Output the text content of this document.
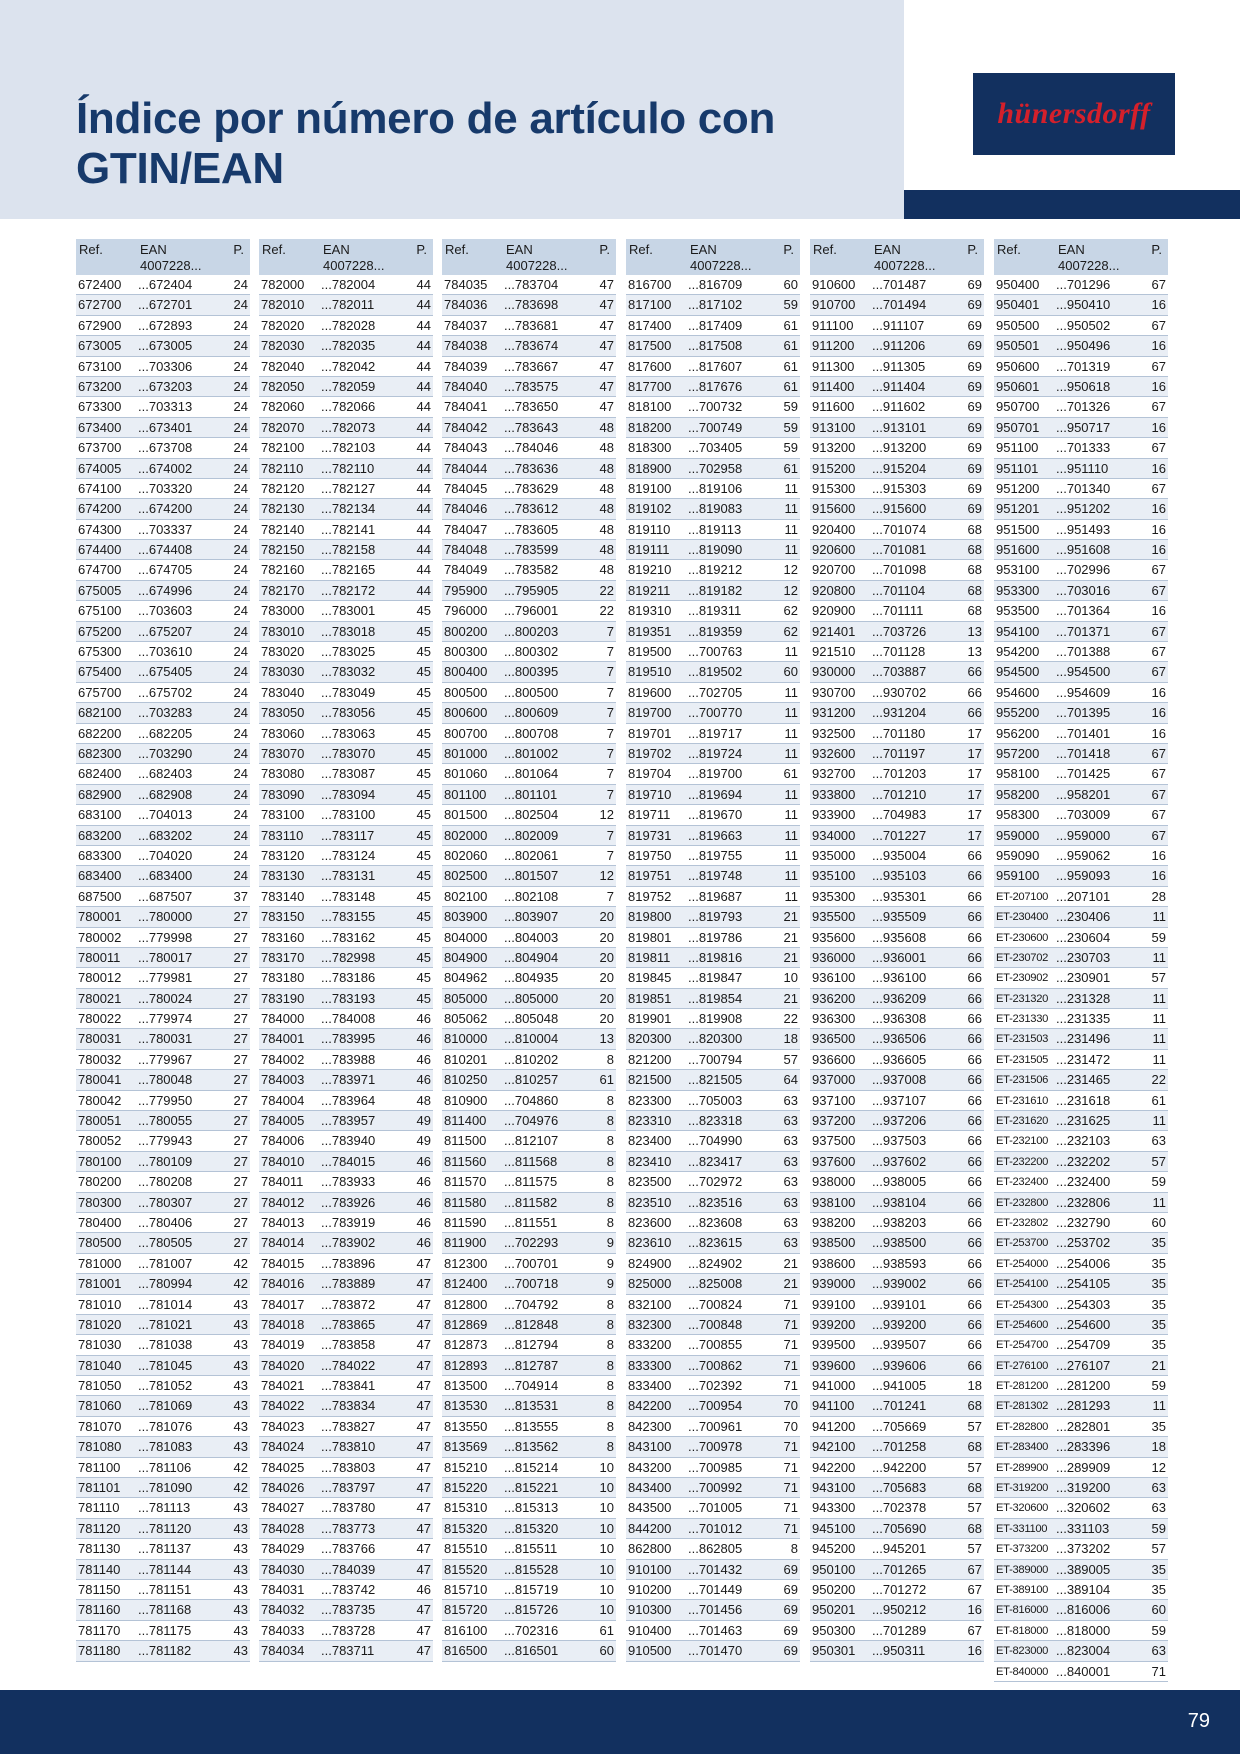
Índice por número de artículo con GTIN/EAN
hünersdorff
Ref.	EAN
4007228...
P.
672400 ...672404	24
672700 ...672701	24
672900 ...672893	24
673005 ...673005	24
673100 ...703306	24
673200 ...673203	24
673300 ...703313	24
673400 ...673401	24
673700 ...673708	24
674005 ...674002	24
674100 ...703320	24
674200 ...674200	24
674300 ...703337	24
674400 ...674408	24
674700 ...674705	24
675005 ...674996	24
675100 ...703603	24
675200 ...675207	24
675300 ...703610	24
675400 ...675405	24
675700 ...675702	24
682100 ...703283	24
682200 ...682205	24
682300 ...703290	24
682400 ...682403	24
682900 ...682908	24
683100 ...704013	24
683200 ...683202	24
683300 ...704020	24
683400 ...683400	24
687500 ...687507	37
780001 ...780000	27
780002 ...779998	27
780011 ...780017	27
780012 ...779981	27
780021 ...780024	27
780022 ...779974	27
780031 ...780031	27
780032 ...779967	27
780041 ...780048	27
780042 ...779950	27
780051 ...780055	27
780052 ...779943	27
780100 ...780109	27
780200 ...780208	27
780300 ...780307	27
780400 ...780406	27
780500 ...780505	27
781000 ...781007	42
781001 ...780994	42
781010 ...781014	43
781020 ...781021	43
781030 ...781038	43
781040 ...781045	43
781050 ...781052	43
781060 ...781069	43
781070 ...781076	43
781080 ...781083	43
781100 ...781106	42
781101 ...781090	42
781110 ...781113	43
781120 ...781120	43
781130 ...781137	43
781140 ...781144	43
781150 ...781151	43
781160 ...781168	43
781170 ...781175	43
781180 ...781182	43
Ref.	EAN
4007228...
P.
782000 ...782004	44
782010 ...782011	44
782020 ...782028	44
782030 ...782035	44
782040 ...782042	44
782050 ...782059	44
782060 ...782066	44
782070 ...782073	44
782100 ...782103	44
782110 ...782110	44
782120 ...782127	44
782130 ...782134	44
782140 ...782141	44
782150 ...782158	44
782160 ...782165	44
782170 ...782172	44
783000 ...783001	45
783010 ...783018	45
783020 ...783025	45
783030 ...783032	45
783040 ...783049	45
783050 ...783056	45
783060 ...783063	45
783070 ...783070	45
783080 ...783087	45
783090 ...783094	45
783100 ...783100	45
783110 ...783117	45
783120 ...783124	45
783130 ...783131	45
783140 ...783148	45
783150 ...783155	45
783160 ...783162	45
783170 ...782998	45
783180 ...783186	45
783190 ...783193	45
784000 ...784008	46
784001 ...783995	46
784002 ...783988	46
784003 ...783971	46
784004 ...783964	48
784005 ...783957	49
784006 ...783940	49
784010 ...784015	46
784011 ...783933	46
784012 ...783926	46
784013 ...783919	46
784014 ...783902	46
784015 ...783896	47
784016 ...783889	47
784017 ...783872	47
784018 ...783865	47
784019 ...783858	47
784020 ...784022	47
784021 ...783841	47
784022 ...783834	47
784023 ...783827	47
784024 ...783810	47
784025 ...783803	47
784026 ...783797	47
784027 ...783780	47
784028 ...783773	47
784029 ...783766	47
784030 ...784039	47
784031 ...783742	46
784032 ...783735	47
784033 ...783728	47
784034 ...783711	47
Ref.	EAN
4007228...
P.
784035 ...783704	47
784036 ...783698	47
784037 ...783681	47
784038 ...783674	47
784039 ...783667	47
784040 ...783575	47
784041 ...783650	47
784042 ...783643	48
784043 ...784046	48
784044 ...783636	48
784045 ...783629	48
784046 ...783612	48
784047 ...783605	48
784048 ...783599	48
784049 ...783582	48
795900 ...795905	22
796000 ...796001	22
800200 ...800203	7
800300 ...800302	7
800400 ...800395	7
800500 ...800500	7
800600 ...800609	7
800700 ...800708	7
801000 ...801002	7
801060 ...801064	7
801100 ...801101	7
801500 ...802504	12
802000 ...802009	7
802060 ...802061	7
802500 ...801507	12
802100 ...802108	7
803900 ...803907	20
804000 ...804003	20
804900 ...804904	20
804962 ...804935	20
805000 ...805000	20
805062 ...805048	20
810000 ...810004	13
810201 ...810202	8
810250 ...810257	61
810900 ...704860	8
811400 ...704976	8
811500 ...812107	8
811560 ...811568	8
811570 ...811575	8
811580 ...811582	8
811590 ...811551	8
811900 ...702293	9
812300 ...700701	9
812400 ...700718	9
812800 ...704792	8
812869 ...812848	8
812873 ...812794	8
812893 ...812787	8
813500 ...704914	8
813530 ...813531	8
813550 ...813555	8
813569 ...813562	8
815210 ...815214	10
815220 ...815221	10
815310 ...815313	10
815320 ...815320	10
815510 ...815511	10
815520 ...815528	10
815710 ...815719	10
815720 ...815726	10
816100 ...702316	61
816500 ...816501	60
Ref.	EAN
4007228...
P.
816700 ...816709	60
817100 ...817102	59
817400 ...817409	61
817500 ...817508	61
817600 ...817607	61
817700 ...817676	61
818100 ...700732	59
818200 ...700749	59
818300 ...703405	59
818900 ...702958	61
819100 ...819106	11
819102 ...819083	11
819110 ...819113	11
819111 ...819090	11
819210 ...819212	12
819211 ...819182	12
819310 ...819311	62
819351 ...819359	62
819500 ...700763	11
819510 ...819502	60
819600 ...702705	11
819700 ...700770	11
819701 ...819717	11
819702 ...819724	11
819704 ...819700	61
819710 ...819694	11
819711 ...819670	11
819731 ...819663	11
819750 ...819755	11
819751 ...819748	11
819752 ...819687	11
819800 ...819793	21
819801 ...819786	21
819811 ...819816	21
819845 ...819847	10
819851 ...819854	21
819901 ...819908	22
820300 ...820300	18
821200 ...700794	57
821500 ...821505	64
823300 ...705003	63
823310 ...823318	63
823400 ...704990	63
823410 ...823417	63
823500 ...702972	63
823510 ...823516	63
823600 ...823608	63
823610 ...823615	63
824900 ...824902	21
825000 ...825008	21
832100 ...700824	71
832300 ...700848	71
833200 ...700855	71
833300 ...700862	71
833400 ...702392	71
842200 ...700954	70
842300 ...700961	70
843100 ...700978	71
843200 ...700985	71
843400 ...700992	71
843500 ...701005	71
844200 ...701012	71
862800 ...862805	8
910100 ...701432	69
910200 ...701449	69
910300 ...701456	69
910400 ...701463	69
910500 ...701470	69
Ref.	EAN
4007228...
P.
910600 ...701487	69
910700 ...701494	69
911100 ...911107	69
911200 ...911206	69
911300 ...911305	69
911400 ...911404	69
911600 ...911602	69
913100 ...913101	69
913200 ...913200	69
915200 ...915204	69
915300 ...915303	69
915600 ...915600	69
920400 ...701074	68
920600 ...701081	68
920700 ...701098	68
920800 ...701104	68
920900 ...701111	68
921401 ...703726	13
921510 ...701128	13
930000 ...703887	66
930700 ...930702	66
931200 ...931204	66
932500 ...701180	17
932600 ...701197	17
932700 ...701203	17
933800 ...701210	17
933900 ...704983	17
934000 ...701227	17
935000 ...935004	66
935100 ...935103	66
935300 ...935301	66
935500 ...935509	66
935600 ...935608	66
936000 ...936001	66
936100 ...936100	66
936200 ...936209	66
936300 ...936308	66
936500 ...936506	66
936600 ...936605	66
937000 ...937008	66
937100 ...937107	66
937200 ...937206	66
937500 ...937503	66
937600 ...937602	66
938000 ...938005	66
938100 ...938104	66
938200 ...938203	66
938500 ...938500	66
938600 ...938593	66
939000 ...939002	66
939100 ...939101	66
939200 ...939200	66
939500 ...939507	66
939600 ...939606	66
941000 ...941005	18
941100 ...701241	68
941200 ...705669	57
942100 ...701258	68
942200 ...942200	57
943100 ...705683	68
943300 ...702378	57
945100 ...705690	68
945200 ...945201	57
950100 ...701265	67
950200 ...701272	67
950201 ...950212	16
950300 ...701289	67
950301 ...950311	16
Ref.	EAN
4007228...
P.
950400 ...701296	67
950401 ...950410	16
950500 ...950502	67
950501 ...950496	16
950600 ...701319	67
950601 ...950618	16
950700 ...701326	67
950701 ...950717	16
951100 ...701333	67
951101 ...951110	16
951200 ...701340	67
951201 ...951202	16
951500 ...951493	16
951600 ...951608	16
953100 ...702996	67
953300 ...703016	67
953500 ...701364	16
954100 ...701371	67
954200 ...701388	67
954500 ...954500	67
954600 ...954609	16
955200 ...701395	16
956200 ...701401	16
957200 ...701418	67
958100 ...701425	67
958200 ...958201	67
958300 ...703009	67
959000 ...959000	67
959090 ...959062	16
959100 ...959093	16
ET-207100 ...207101	28
ET-230400 ...230406	11
ET-230600 ...230604	59
ET-230702 ...230703	11
ET-230902 ...230901	57
ET-231320 ...231328	11
ET-231330 ...231335	11
ET-231503 ...231496	11
ET-231505 ...231472	11
ET-231506 ...231465	22
ET-231610 ...231618	61
ET-231620 ...231625	11
ET-232100 ...232103	63
ET-232200 ...232202	57
ET-232400 ...232400	59
ET-232800 ...232806	11
ET-232802 ...232790	60
ET-253700 ...253702	35
ET-254000 ...254006	35
ET-254100 ...254105	35
ET-254300 ...254303	35
ET-254600 ...254600	35
ET-254700 ...254709	35
ET-276100 ...276107	21
ET-281200 ...281200	59
ET-281302 ...281293	11
ET-282800 ...282801	35
ET-283400 ...283396	18
ET-289900 ...289909	12
ET-319200 ...319200	63
ET-320600 ...320602	63
ET-331100 ...331103	59
ET-373200 ...373202	57
ET-389000 ...389005	35
ET-389100 ...389104	35
ET-816000 ...816006	60
ET-818000 ...818000	59
ET-823000 ...823004	63
ET-840000 ...840001	71
79
